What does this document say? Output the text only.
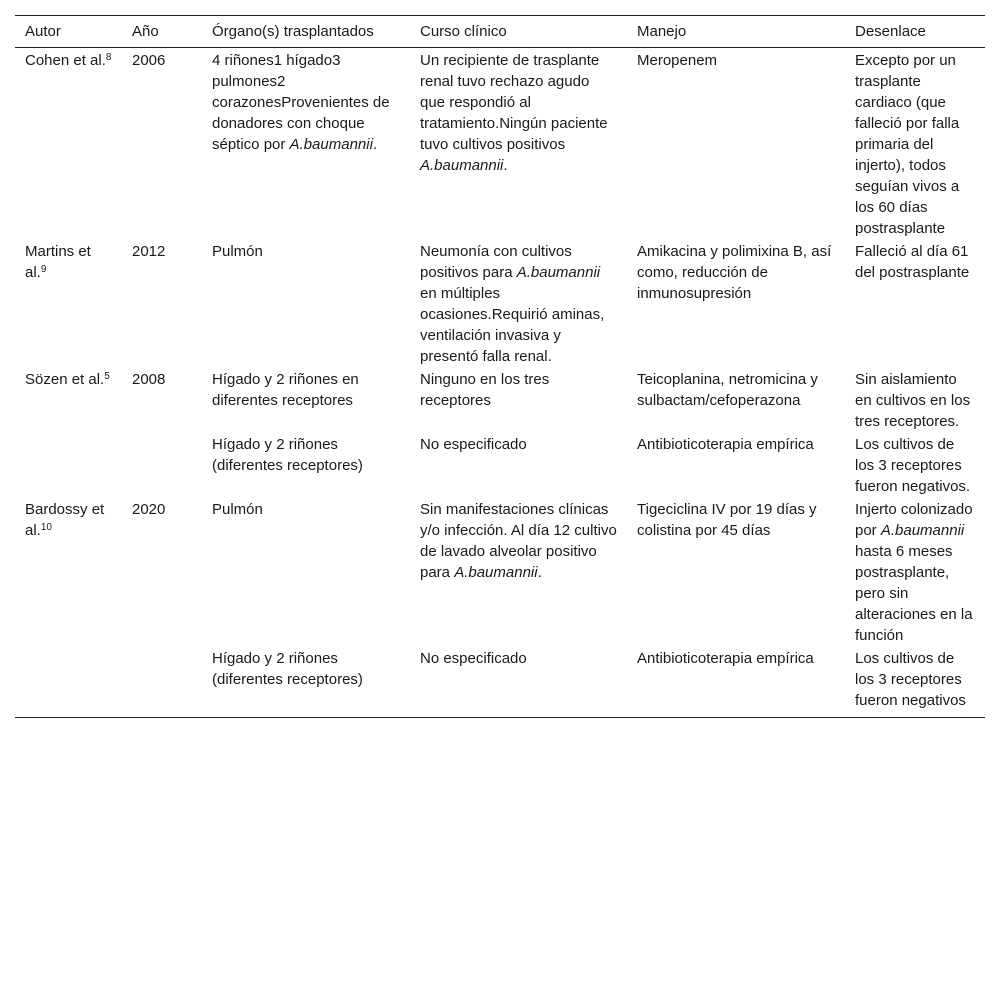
Autor	Año	Órgano(s) trasplantados	Curso clínico	Manejo	Desenlace
Cohen et al.$^8$	2006	4 riñones1 hígado3 pulmones2 corazonesProvenientes de donadores con choque séptico por A.baumannii.	Un recipiente de trasplante renal tuvo rechazo agudo que respondió al tratamiento.Ningún paciente tuvo cultivos positivos A.baumannii.	Meropenem	Excepto por un trasplante cardiaco (que falleció por falla primaria del injerto), todos seguían vivos a los 60 días postrasplante
Martins et al.$^9$	2012	Pulmón	Neumonía con cultivos positivos para A.baumannii en múltiples ocasiones.Requirió aminas, ventilación invasiva y presentó falla renal.	Amikacina y polimixina B, así como, reducción de inmunosupresión	Falleció al día 61 del postrasplante
Sözen et al.$^5$	2008	Hígado y 2 riñones en diferentes receptores	Ninguno en los tres receptores	Teicoplanina, netromicina y sulbactam/cefoperazona	Sin aislamiento en cultivos en los tres receptores.
		Hígado y 2 riñones (diferentes receptores)	No especificado	Antibioticoterapia empírica	Los cultivos de los 3 receptores fueron negativos.
Bardossy et al.$^{10}$	2020	Pulmón	Sin manifestaciones clínicas y/o infección. Al día 12 cultivo de lavado alveolar positivo para A.baumannii.	Tigeciclina IV por 19 días y colistina por 45 días	Injerto colonizado por A.baumannii hasta 6 meses postrasplante, pero sin alteraciones en la función
		Hígado y 2 riñones (diferentes receptores)	No especificado	Antibioticoterapia empírica	Los cultivos de los 3 receptores fueron negativos
